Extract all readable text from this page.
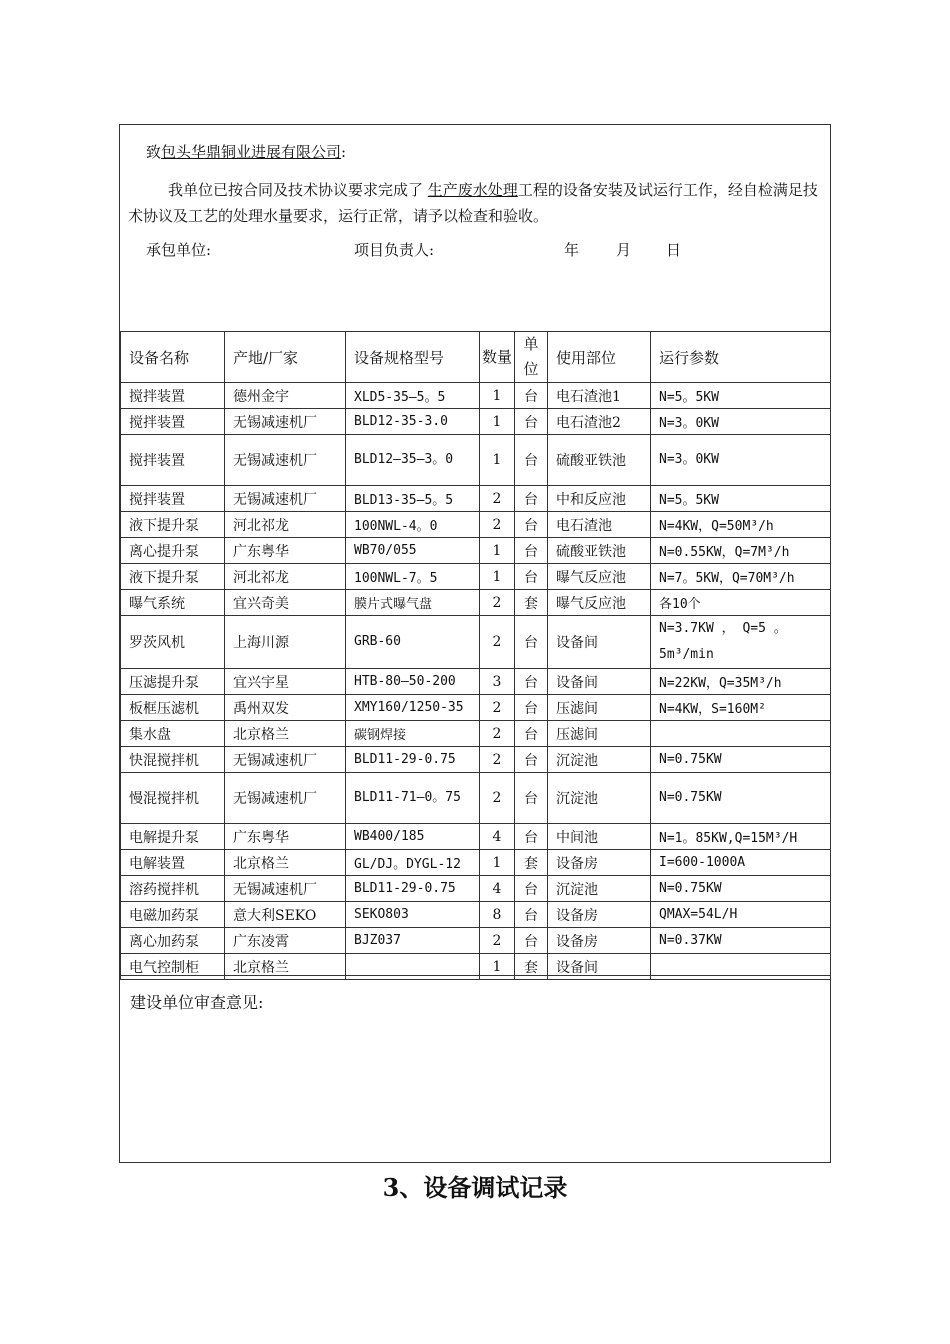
致包头华鼎铜业进展有限公司:
我单位已按合同及技术协议要求完成了 生产废水处理工程的设备安装及试运行工作，经自检满足技术协议及工艺的处理水量要求，运行正常，请予以检查和验收。
承包单位:	项目负责人:	年 月 日
设备名称	产地/厂家	设备规格型号	数量	单位	使用部位	运行参数
搅拌装置	德州金宇	XLD5-35—5。5	1	台	电石渣池1	N=5。5KW
搅拌装置	无锡减速机厂	BLD12-35-3.0	1	台	电石渣池2	N=3。0KW
搅拌装置	无锡减速机厂	BLD12—35—3。0	1	台	硫酸亚铁池	N=3。0KW
搅拌装置	无锡减速机厂	BLD13-35—5。5	2	台	中和反应池	N=5。5KW
液下提升泵	河北祁龙	100NWL-4。0	2	台	电石渣池	N=4KW，Q=50M³/h
离心提升泵	广东粤华	WB70/055	1	台	硫酸亚铁池	N=0.55KW，Q=7M³/h
液下提升泵	河北祁龙	100NWL-7。5	1	台	曝气反应池	N=7。5KW，Q=70M³/h
曝气系统	宜兴奇美	膜片式曝气盘	2	套	曝气反应池	各10个
罗茨风机	上海川源	GRB-60	2	台	设备间	N=3.7KW ， Q=5 。 5m³/min
压滤提升泵	宜兴宇星	HTB-80—50-200	3	台	设备间	N=22KW，Q=35M³/h
板框压滤机	禹州双发	XMY160/1250-35	2	台	压滤间	N=4KW，S=160M²
集水盘	北京格兰	碳钢焊接	2	台	压滤间	
快混搅拌机	无锡减速机厂	BLD11-29-0.75	2	台	沉淀池	N=0.75KW
慢混搅拌机	无锡减速机厂	BLD11-71—0。75	2	台	沉淀池	N=0.75KW
电解提升泵	广东粤华	WB400/185	4	台	中间池	N=1。85KW,Q=15M³/H
电解装置	北京格兰	GL/DJ。DYGL-12	1	套	设备房	I=600-1000A
溶药搅拌机	无锡减速机厂	BLD11-29-0.75	4	台	沉淀池	N=0.75KW
电磁加药泵	意大利SEKO	SEKO803	8	台	设备房	QMAX=54L/H
离心加药泵	广东凌霄	BJZ037	2	台	设备房	N=0.37KW
电气控制柜	北京格兰		1	套	设备间	
建设单位审查意见:
3、设备调试记录
